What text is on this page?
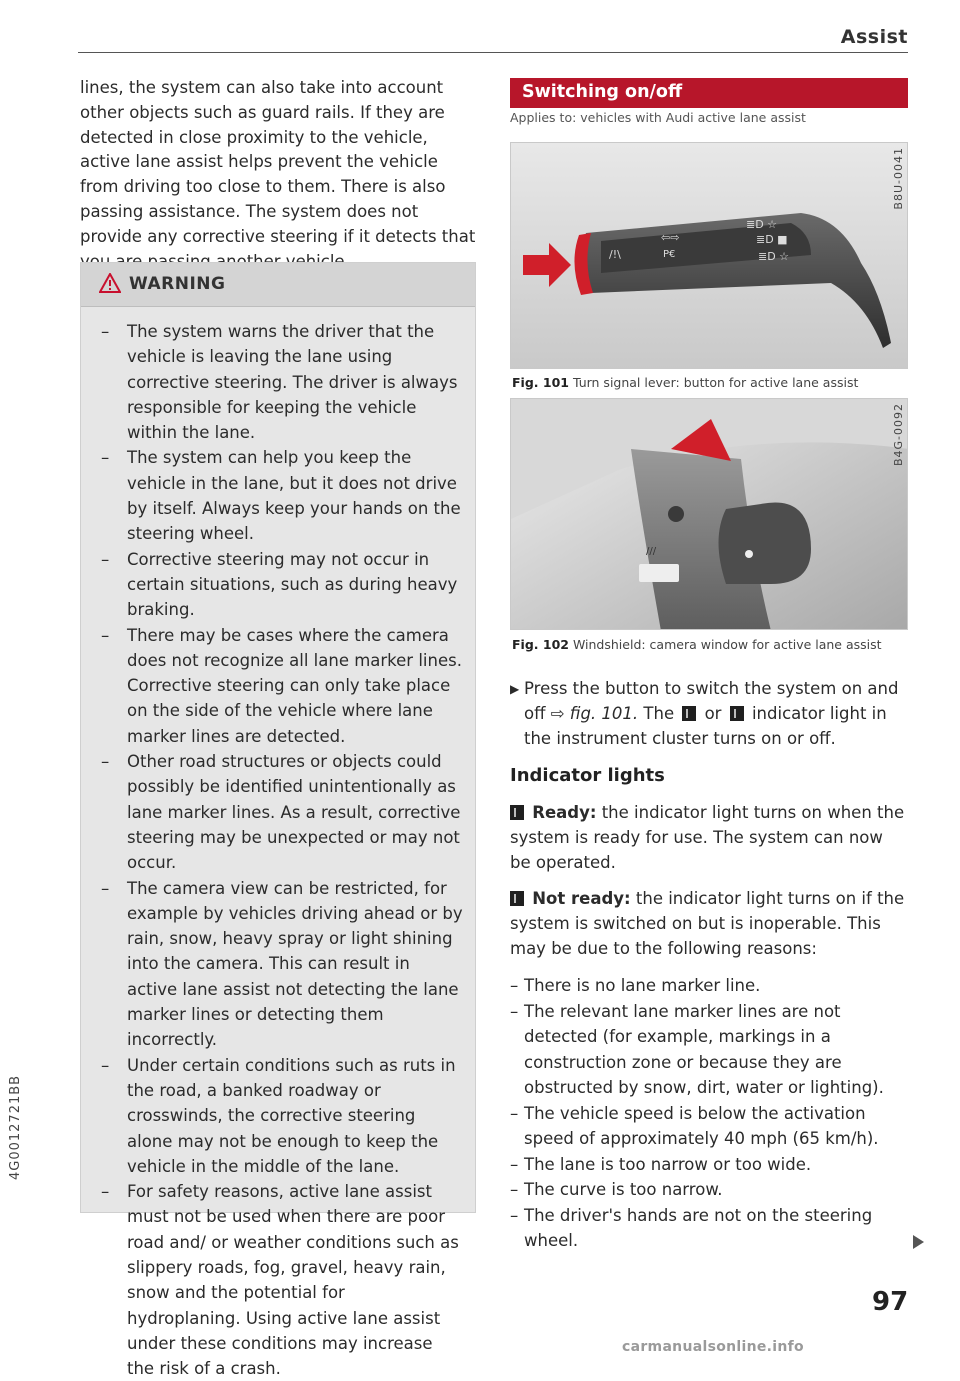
Assist
4G0012721BB

lines, the system can also take into account other objects such as guard rails. If they are detected in close proximity to the vehicle, active lane assist helps prevent the vehicle from driving too close to them. There is also passing assistance. The system does not provide any corrective steering if it detects that

WARNING
– The system warns the driver that the vehicle is leaving the lane using corrective steering. The driver is always responsible for keeping the vehicle within the lane.
– The system can help you keep the vehicle in the lane, but it does not drive by itself. Always keep your hands on the steering wheel.
– Corrective steering may not occur in certain situations, such as during heavy braking.
– There may be cases where the camera does not recognize all lane marker lines. Corrective steering can only take place on the side of the vehicle where lane marker lines are detected.
– Other road structures or objects could possibly be identified unintentionally as lane marker lines. As a result, corrective steering may be unexpected or may not occur.
– The camera view can be restricted, for example by vehicles driving ahead or by rain, snow, heavy spray or light shining into the camera. This can result in active lane assist not detecting the lane marker lines or detecting them incorrectly.
– Under certain conditions such as ruts in the road, a banked roadway or crosswinds, the corrective steering alone may not be enough to keep the vehicle in the middle of the lane.
– For safety reasons, active lane assist must not be used when there are poor road and/ or weather conditions such as slippery roads, fog, gravel, heavy rain, snow and the potential for hydroplaning. Using active lane assist under these conditions may increase the risk of a crash.
Switching on/off
Applies to: vehicles with Audi active lane assist
/!\
⇦⇨
P€
≣D ☆
≣D ■
≣D ☆
B8U-0041
Fig. 101 Turn signal lever: button for active lane assist
///
B4G-0092
Fig. 102 Windshield: camera window for active lane assist

▶ Press the button to switch the system on and off ⇨ fig. 101. The  or  indicator light in the instrument cluster turns on or off.

Indicator lights

Ready: the indicator light turns on when the system is ready for use. The system can now be operated.

Not ready: the indicator light turns on if the system is switched on but is inoperable. This may be due to the following reasons:

– There is no lane marker line.
– The relevant lane marker lines are not detected (for example, markings in a construction zone or because they are obstructed by snow, dirt, water or lighting).
– The vehicle speed is below the activation speed of approximately 40 mph (65 km/h).
– The lane is too narrow or too wide.
– The curve is too narrow.
– The driver's hands are not on the steering wheel.
97
carmanualsonline.info
